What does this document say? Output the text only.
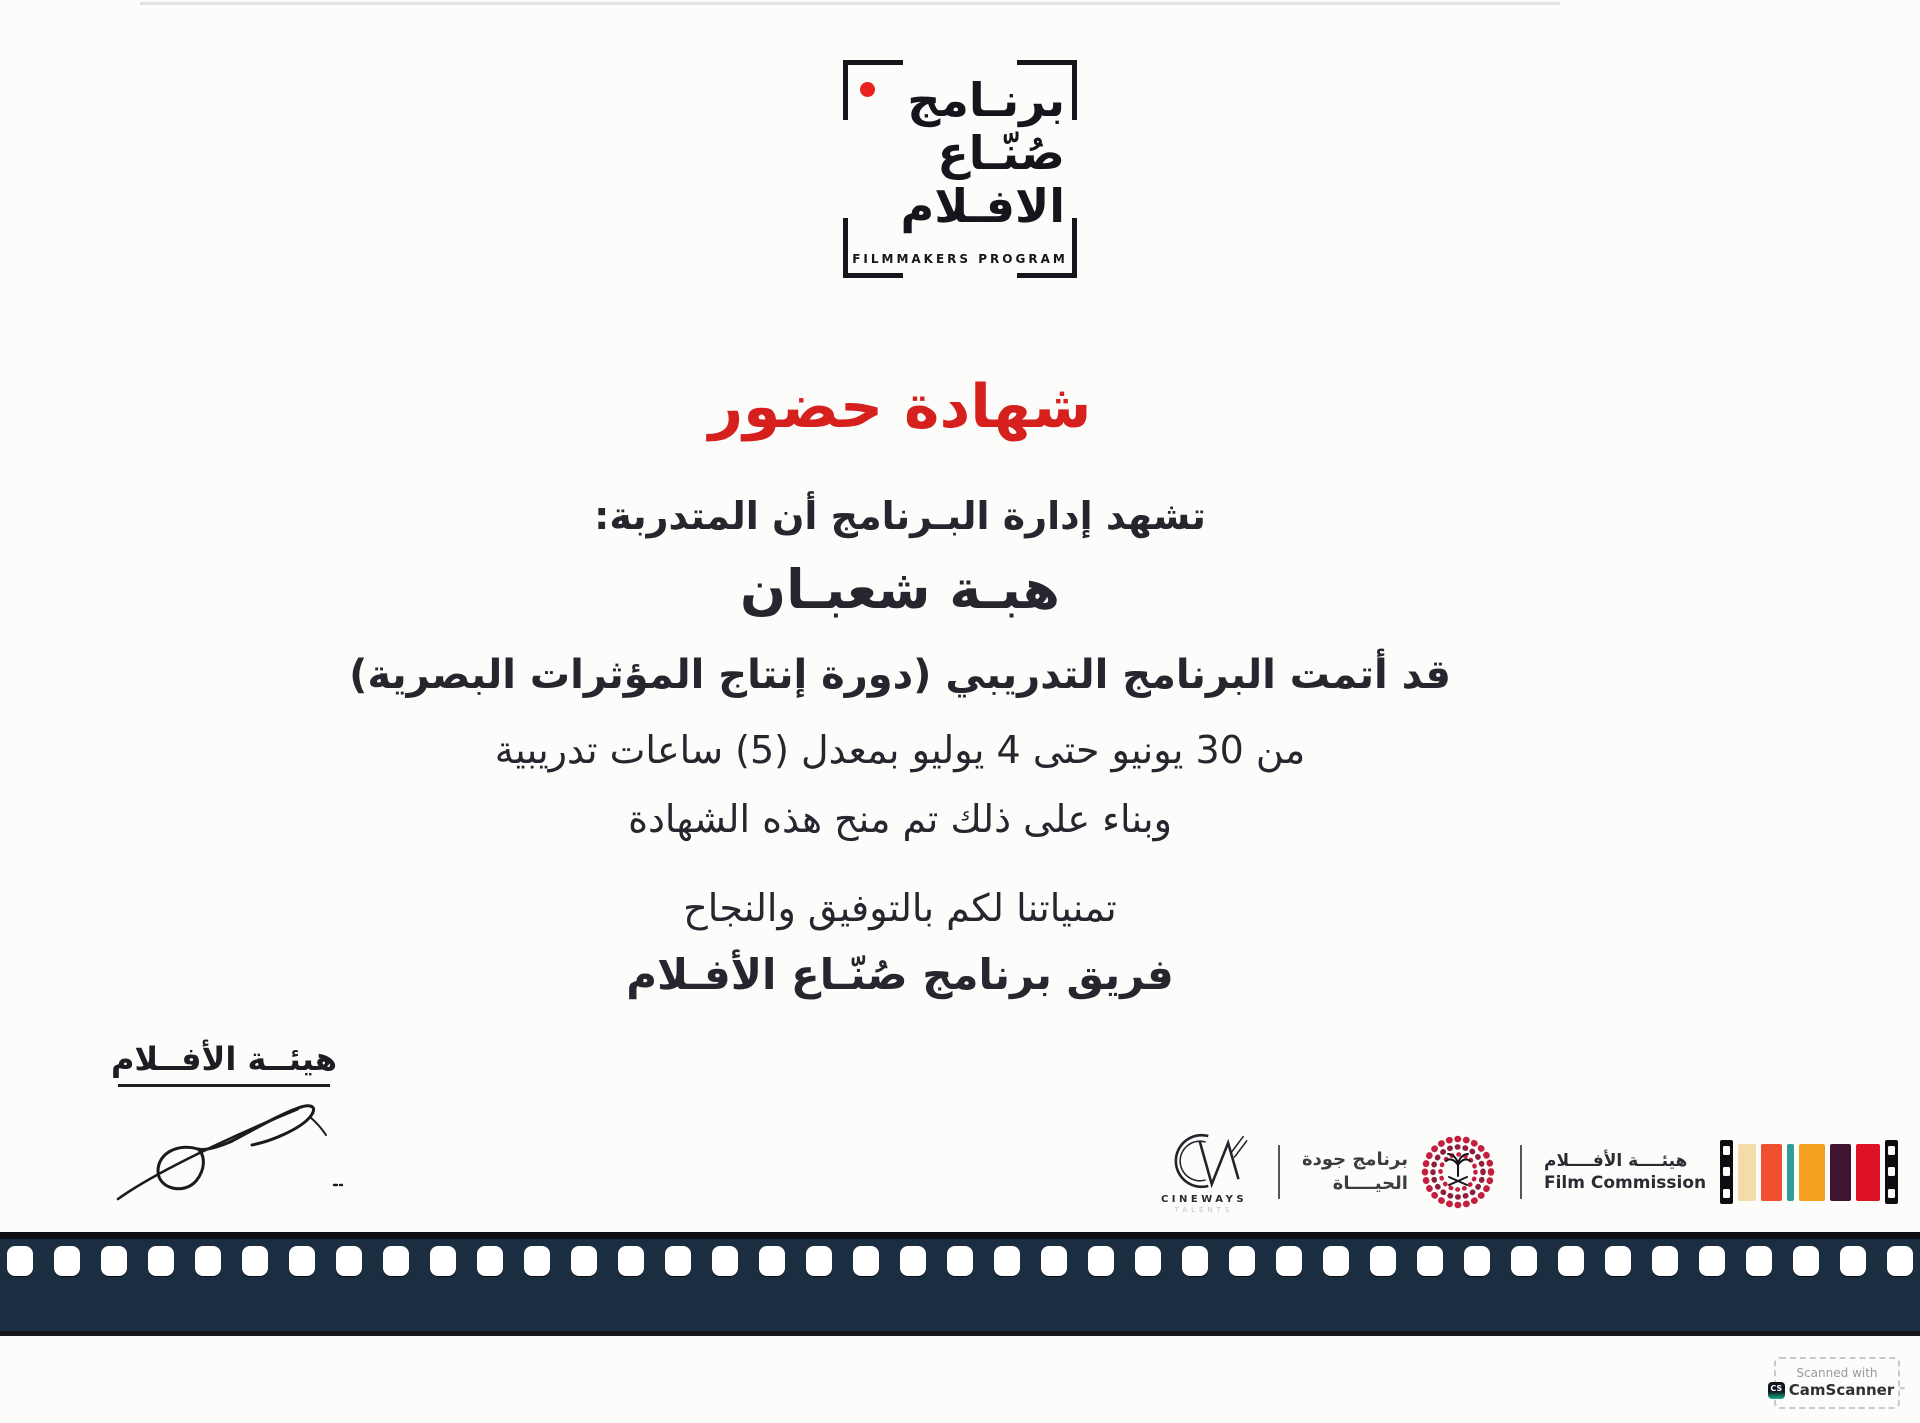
برنـامج
صُنّـاع
الافـلام
FILMMAKERS PROGRAM
شهادة حضور
تشهد إدارة البـرنامج أن المتدربة:
هبـة شعبـان
قد أتمت البرنامج التدريبي (دورة إنتاج المؤثرات البصرية)
من 30 يونيو حتى 4 يوليو بمعدل (5) ساعات تدريبية
وبناء على ذلك تم منح هذه الشهادة
تمنياتنا لكم بالتوفيق والنجاح
فريق برنامج صُنّـاع الأفـلام
هيئــة الأفــلام
CINEWAYS
TALENTS
برنامج جودة
الحيــــاة
هيئــــة الأفــــلام
Film Commission
Scanned with
CS CamScanner ™
